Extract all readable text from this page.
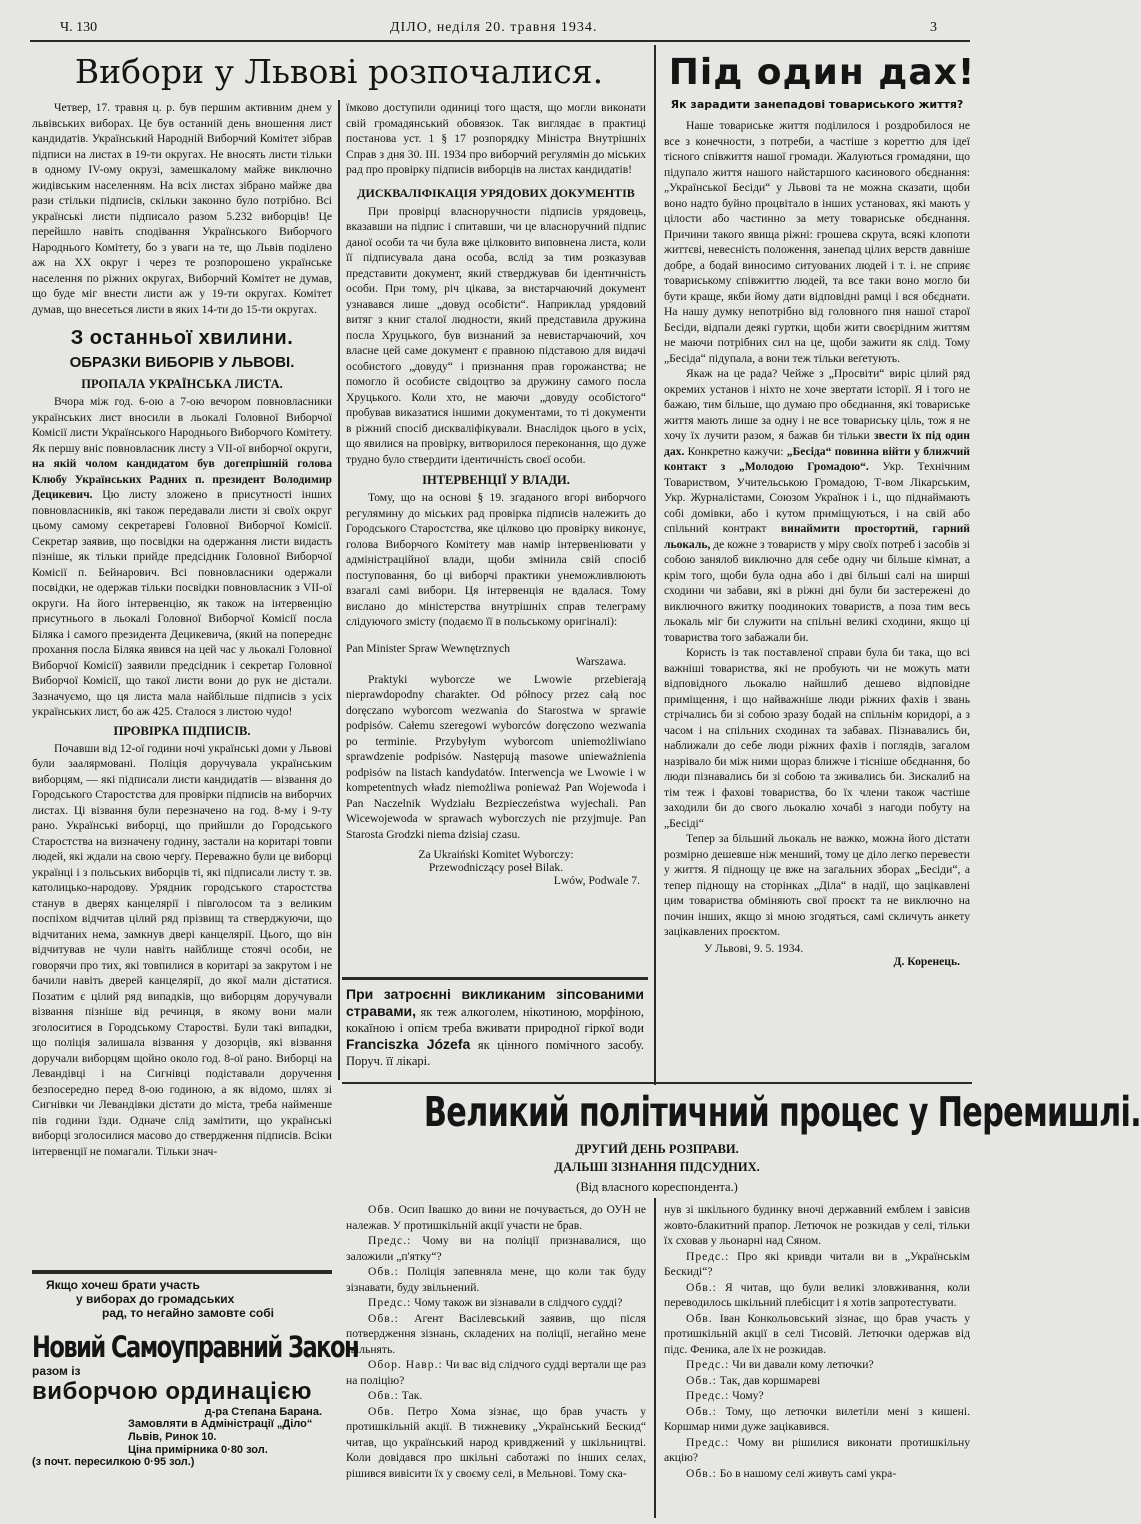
Ч. 130	ДІЛО, неділя 20. травня 1934.	3
Вибори у Львові розпочалися.

Четвер, 17. травня ц. р. був першим активним днем у львівських виборах. Це був останній день вношення лист кандидатів. Український Народній Виборчий Комітет зібрав підписи на листах в 19-ти округах. Не вносять листи тільки в одному IV-ому окрузі, замешкалому майже виключно жидівським населенням. На всіх листах зібрано майже два рази стільки підписів, скільки законно було потрібно. Всі українські листи підписало разом 5.232 виборців! Це перейшло навіть сподівання Українського Виборчого Народнього Комітету, бо з уваги на те, що Львів поділено аж на ХХ округ і через те розпорошено українське населення по ріжних округах, Виборчий Комітет не думав, що буде міг внести листи аж у 19-ти округах. Комітет думав, що внесеться листи в яких 14-ти до 15-ти округах.

З останньої хвилини.
ОБРАЗКИ ВИБОРІВ У ЛЬВОВІ.
ПРОПАЛА УКРАЇНСЬКА ЛИСТА.

Вчора між год. 6-ою а 7-ою вечором повновласники українських лист вносили в льокалі Головної Виборчої Комісії листи Українського Народнього Виборчого Комітету. Як першу вніс повновласник листу з VII-ої виборчої округи, на якій чолом кандидатом був догепрішній голова Клюбу Українських Радних п. президент Володимир Децикевич. Цю листу зложено в присутності інших повновласників, які також передавали листи зі своїх округ цьому самому секретареві Головної Виборчої Комісії. Секретар заявив, що посвідки на одержання листи видасть пізніше, як тільки прийде предсідник Головної Виборчої Комісії п. Бейнарович. Всі повновласники одержали посвідки, не одержав тільки посвідки повновласник з VII-ої округи. На його інтервенцію, як також на інтервенцію присутнього в льокалі Головної Виборчої Комісії посла Біляка і самого президента Децикевича, (який на попереднє прохання посла Біляка явився на цей час у льокалі Головної Виборчої Комісії) заявили предсідник і секретар Головної Виборчої Комісії, що такої листи вони до рук не дістали. Зазначуємо, що ця листа мала найбільше підписів з усіх українських лист, бо аж 425. Сталося з листою чудо!

ПРОВІРКА ПІДПИСІВ.

Почавши від 12-ої години ночі українські доми у Львові були заалярмовані. Поліція доручувала українським виборцям, — які підписали листи кандидатів — візвання до Городського Старостства для провірки підписів на виборчих листах. Ці візвання були перезначено на год. 8-му і 9-ту рано. Українські виборці, що прийшли до Городського Старостства на визначену годину, застали на коритарі товпи людей, які ждали на свою черґу. Переважно були це виборці українці і з польських виборців ті, які підписали листу т. зв. католицько-народову. Урядник городського старостства станув в дверях канцелярії і півголосом та з великим поспіхом відчитав цілий ряд прізвищ та стверджуючи, що відчитаних нема, замкнув двері канцелярії. Цього, що він відчитував не чули навіть найблище стоячі особи, не говорячи про тих, які товпилися в коритарі за закрутом і не бачили навіть дверей канцелярії, до якої мали дістатися. Позатим є цілий ряд випадків, що виборцям доручували візвання пізніше від речинця, в якому вони мали зголоситися в Городському Старостві. Були такі випадки, що поліція залишала візвання у дозорців, які візвання доручали виборцям щойно около год. 8-ої рано. Виборці на Левандівці і на Сигнівці подіставали доручення безпосередно перед 8-ою годиною, а як відомо, шлях зі Сигнівки чи Левандівки дістати до міста, треба найменше пів години їзди. Одначе слід замітити, що українські виборці зголосилися масово до ствердження підписів. Всіки інтервенції не помагали. Тільки знач-

Якщо хочеш брати участь
у виборах до громадських
рад, то негайно замовте собі
Новий Самоуправний Закон
разом із
виборчою ординацією
д-ра Степана Барана.
Замовляти в Адміністрації „Діло“ Львів, Ринок 10.
Ціна примірника 0·80 зол.
(з почт. пересилкою 0·95 зол.)

їмково доступили одиниці того щастя, що могли виконати свій громадянський обовязок. Так виглядає в практиці постанова уст. 1 § 17 розпорядку Міністра Внутрішніх Справ з дня 30. III. 1934 про виборчий регулямін до міських рад про провірку підписів виборців на листах кандидатів!

ДИСКВАЛІФІКАЦІЯ УРЯДОВИХ ДОКУМЕНТІВ

При провірці власноручности підписів урядовець, вказавши на підпис і спитавши, чи це власноручний підпис даної особи та чи була вже цілковито виповнена листа, коли її підписувала дана особа, вслід за тим розказував представити документ, який стверджував би ідентичність особи. При тому, річ цікава, за вистарчаючий документ узнавався лише „довуд особісти“. Наприклад урядовий витяг з книг сталої людности, який представила дружина посла Хруцького, був визнаний за невистарчаючий, хоч власне цей саме документ є правною підставою для видачі особистого „довуду“ і признання прав горожанства; не помогло й особисте свідоцтво за дружину самого посла Хруцького. Коли хто, не маючи „довуду особістого“ пробував виказатися іншими документами, то ті документи в ріжний спосіб дискваліфікували. Внаслідок цього в усіх, що явилися на провірку, витворилося переконання, що дуже трудно було ствердити ідентичність своєї особи.

ІНТЕРВЕНЦІЇ У ВЛАДИ.

Тому, що на основі § 19. згаданого вгорі виборчого регулямину до міських рад провірка підписів належить до Городського Старостства, яке цілково цю провірку виконує, голова Виборчого Комітету мав намір інтервеніювати у адміністраційної влади, щоби змінила свій спосіб поступовання, бо ці виборчі практики унеможливлюють взагалі самі вибори. Ця інтервенція не вдалася. Тому вислано до міністерства внутрішніх справ телеграму слідуючого змісту (подаємо її в польському оригіналі):

Pan Minister Spraw Wewnętrznych
Warszawa.

Praktyki wyborcze we Lwowie przebierają nieprawdopodny charakter. Od północy przez całą noc doręczano wyborcom wezwania do Starostwa w sprawie podpisów. Całemu szeregowi wyborców doręczono wezwania po terminie. Przybyłym wyborcom uniemożliwiano sprawdzenie podpisów. Następują masowe unieważnienia podpisów na listach kandydatów. Interwencja we Lwowie i w kompetentnych władz niemożliwa ponieważ Pan Wojewoda i Pan Naczelnik Wydziału Bezpieczeństwa wyjechali. Pan Wicewojewoda w sprawach wyborczych nie przyjmuje. Pan Starosta Grodzki niema dzisiaj czasu.

Za Ukraiński Komitet Wyborczy:
Przewodniczący poseł Bilak.
Lwów, Podwale 7.
При затроєнні викликаним зіпсованими стравами, як теж алкоголем, нікотиною, морфіною, кокаїною і опієм треба вживати природної гіркої води Franciszka Józefa як цінного помічного засобу. Поруч. її лікарі.
Під один дах!
Як зарадити занепадові товариського життя?

Наше товариське життя поділилося і роздробилося не все з конечности, з потреби, а частіше з кореттю для ідеї тісного співжиття нашої громади. Жалуються громадяни, що підупало життя нашого найстаршого касинового обєднання: „Української Бесіди“ у Львові та не можна сказати, щоби воно надто буйно процвітало в інших установах, які мають у цілости або частинно за мету товариське обєднання. Причини такого явища ріжні: грошева скрута, всякі клопоти життєві, невесність положення, занепад цілих верств давніше добре, а бодай виносимо ситуованих людей і т. і. не сприяє товариському співжиттю людей, та все таки воно могло би бути краще, якби йому дати відповідні рамці і вся обєднати. На нашу думку непотрібно від головного пня нашої старої Бесіди, відпали деякі гуртки, щоби жити своєрідним життям не маючи потрібних сил на це, щоби зажити як слід. Тому „Бесіда“ підупала, а вони теж тільки веґетують.

Якаж на це рада? Чейже з „Просвіти“ виріс цілий ряд окремих установ і ніхто не хоче звертати історії. Я і того не бажаю, тим більше, що думаю про обєднання, які товариське життя мають лише за одну і не все товариську ціль, тож я не хочу їх лучити разом, я бажав би тільки звести їх під один дах. Конкретно кажучи: „Бесіда“ повинна війти у ближчий контакт з „Молодою Громадою“. Укр. Технічним Товариством, Учительською Громадою, Т-вом Лікарським, Укр. Журналістами, Союзом Українок і і., що піднаймають собі домівки, або і кутом приміщуються, і на свій або спільний контракт винаймити простортий, гарний льокаль, де кожне з товариств у міру своїх потреб і засобів зі собою занялоб виключно для себе одну чи більше кімнат, а крім того, щоби була одна або і дві більші салі на ширші сходини чи забави, які в ріжні дні були би застережені до виключного вжитку поодиноких товариств, а поза тим весь льокаль міг би служити на спільні великі сходини, якщо ці товариства того забажали би.

Користь із так поставленої справи була би така, що всі важніші товариства, які не пробують чи не можуть мати відповідного льокалю найшлиб дешево відповідне приміщення, і що найважніше люди ріжних фахів і звань стрічались би зі собою зразу бодай на спільнім коридорі, а з часом і на спільних сходинах та забавах. Пізнавались би, наближали до себе люди ріжних фахів і поглядів, загалом назрівало би між ними щораз ближче і тісніше обєднання, бо люди пізнавались би зі собою та зживались би. Зискалиб на тім теж і фахові товариства, бо їх члени також частіше заходили би до свого льокалю хочабі з нагоди побуту на „Бесіді“

Тепер за більший льокаль не важко, можна його дістати розмірно дешевше ніж менший, тому це діло легко перевести у життя. Я піднощу це вже на загальних зборах „Бесіди“, а тепер піднощу на сторінках „Діла“ в надії, що зацікавлені цим товариства обміняють свої проєкт та не виключно на почин інших, якщо зі мною згодяться, самі скличуть анкету зацікавлених проєктом.

У Львові, 9. 5. 1934.
Д. Коренець.
Великий політичний процес у Перемишлі.
ДРУГИЙ ДЕНЬ РОЗПРАВИ.
ДАЛЬШІ ЗІЗНАННЯ ПІДСУДНИХ.
(Від власного кореспондента.)

Обв. Осип Івашко до вини не почувається, до ОУН не належав. У протишкільній акції участи не брав.

Предс.: Чому ви на поліції признавалися, що заложили „п'ятку“?

Обв.: Поліція запевняла мене, що коли так буду зізнавати, буду звільнений.

Предс.: Чому також ви зізнавали в слідчого судді?

Обв.: Агент Васілевський заявив, що після потвердження зізнань, складених на поліції, негайно мене звільнять.

Обор. Навр.: Чи вас від слідчого судді вертали ще раз на поліцію?

Обв.: Так.

Обв. Петро Хома зізнає, що брав участь у протишкільній акції. В тижневику „Український Бескид“ читав, що український народ кривджений у шкільництві. Коли довідався про шкільні саботажі по інших селах, рішився вивісити їх у своєму селі, в Мельнові. Тому ска-

нув зі шкільного будинку вночі державний емблем і завісив жовто-блакитний прапор. Летючок не розкидав у селі, тільки їх сховав у льонарні над Сяном.

Предс.: Про які кривди читали ви в „Українськім Бескиді“?

Обв.: Я читав, що були великі зловживання, коли переводилось шкільний плебісцит і я хотів запротестувати.

Обв. Іван Конкольовський зізнає, що брав участь у протишкільній акції в селі Тисовій. Летючки одержав від підс. Феника, але їх не розкидав.

Предс.: Чи ви давали кому летючки?

Обв.: Так, дав коршмареві

Предс.: Чому?

Обв.: Тому, що летючки вилетіли мені з кишені. Коршмар ними дуже зацікавився.

Предс.: Чому ви рішилися виконати протишкільну акцію?

Обв.: Бо в нашому селі живуть самі укра-
